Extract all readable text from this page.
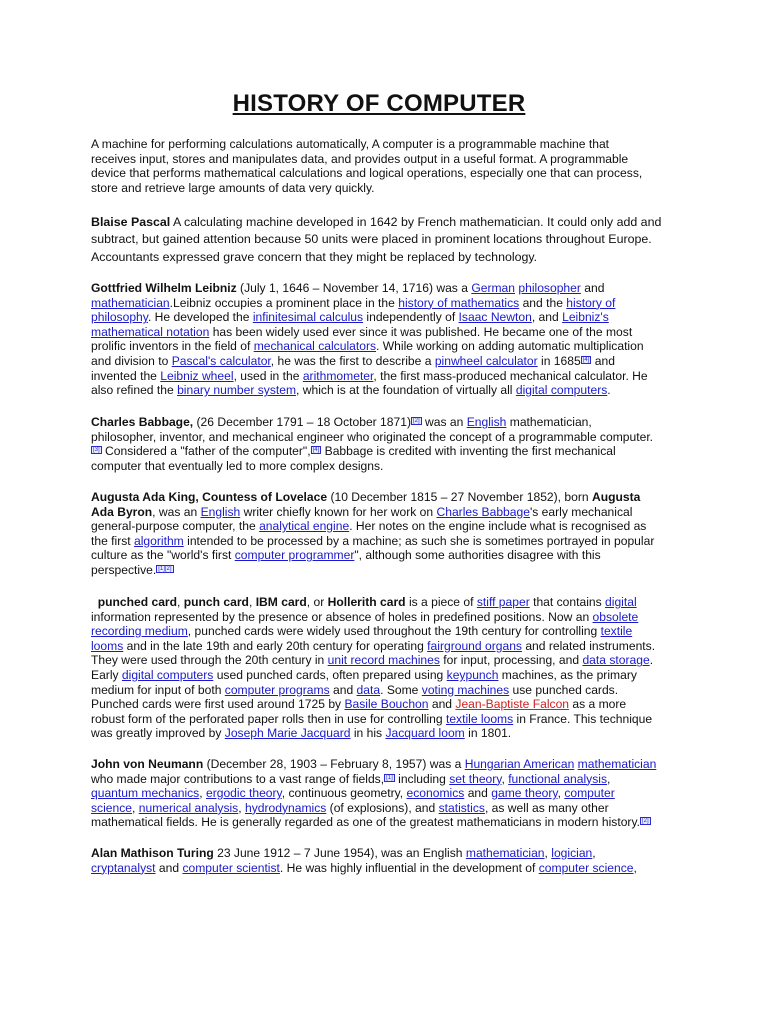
HISTORY OF COMPUTER
A machine for performing calculations automatically, A computer is a programmable machine that
receives input, stores and manipulates data, and provides output in a useful format. A programmable
device that performs mathematical calculations and logical operations, especially one that can process,
store and retrieve large amounts of data very quickly.
Blaise Pascal A calculating machine developed in 1642 by French mathematician. It could only add and
subtract, but gained attention because 50 units were placed in prominent locations throughout Europe.
Accountants expressed grave concern that they might be replaced by technology.
Gottfried Wilhelm Leibniz (July 1, 1646 – November 14, 1716) was a German philosopher and
mathematician.Leibniz occupies a prominent place in the history of mathematics and the history of
philosophy. He developed the infinitesimal calculus independently of Isaac Newton, and Leibniz's
mathematical notation has been widely used ever since it was published. He became one of the most
prolific inventors in the field of mechanical calculators. While working on adding automatic multiplication
and division to Pascal's calculator, he was the first to describe a pinwheel calculator in 1685 [4] and
invented the Leibniz wheel, used in the arithmometer, the first mass-produced mechanical calculator. He
also refined the binary number system, which is at the foundation of virtually all digital computers.
Charles Babbage, (26 December 1791 – 18 October 1871) [2] was an English mathematician,
philosopher, inventor, and mechanical engineer who originated the concept of a programmable computer.
[3] Considered a "father of the computer", [4] Babbage is credited with inventing the first mechanical
computer that eventually led to more complex designs.
Augusta Ada King, Countess of Lovelace (10 December 1815 – 27 November 1852), born Augusta
Ada Byron, was an English writer chiefly known for her work on Charles Babbage's early mechanical
general-purpose computer, the analytical engine. Her notes on the engine include what is recognised as
the first algorithm intended to be processed by a machine; as such she is sometimes portrayed in popular
culture as the "world's first computer programmer", although some authorities disagree with this
perspective. [1][2]
punched card, punch card, IBM card, or Hollerith card is a piece of stiff paper that contains digital
information represented by the presence or absence of holes in predefined positions. Now an obsolete
recording medium, punched cards were widely used throughout the 19th century for controlling textile
looms and in the late 19th and early 20th century for operating fairground organs and related instruments.
They were used through the 20th century in unit record machines for input, processing, and data storage.
Early digital computers used punched cards, often prepared using keypunch machines, as the primary
medium for input of both computer programs and data. Some voting machines use punched cards.
Punched cards were first used around 1725 by Basile Bouchon and Jean-Baptiste Falcon as a more
robust form of the perforated paper rolls then in use for controlling textile looms in France. This technique
was greatly improved by Joseph Marie Jacquard in his Jacquard loom in 1801.
John von Neumann (December 28, 1903 – February 8, 1957) was a Hungarian American mathematician
who made major contributions to a vast range of fields, [1] including set theory, functional analysis,
quantum mechanics, ergodic theory, continuous geometry, economics and game theory, computer
science, numerical analysis, hydrodynamics (of explosions), and statistics, as well as many other
mathematical fields. He is generally regarded as one of the greatest mathematicians in modern history. [2]
Alan Mathison Turing 23 June 1912 – 7 June 1954), was an English mathematician, logician,
cryptanalyst and computer scientist. He was highly influential in the development of computer science,
